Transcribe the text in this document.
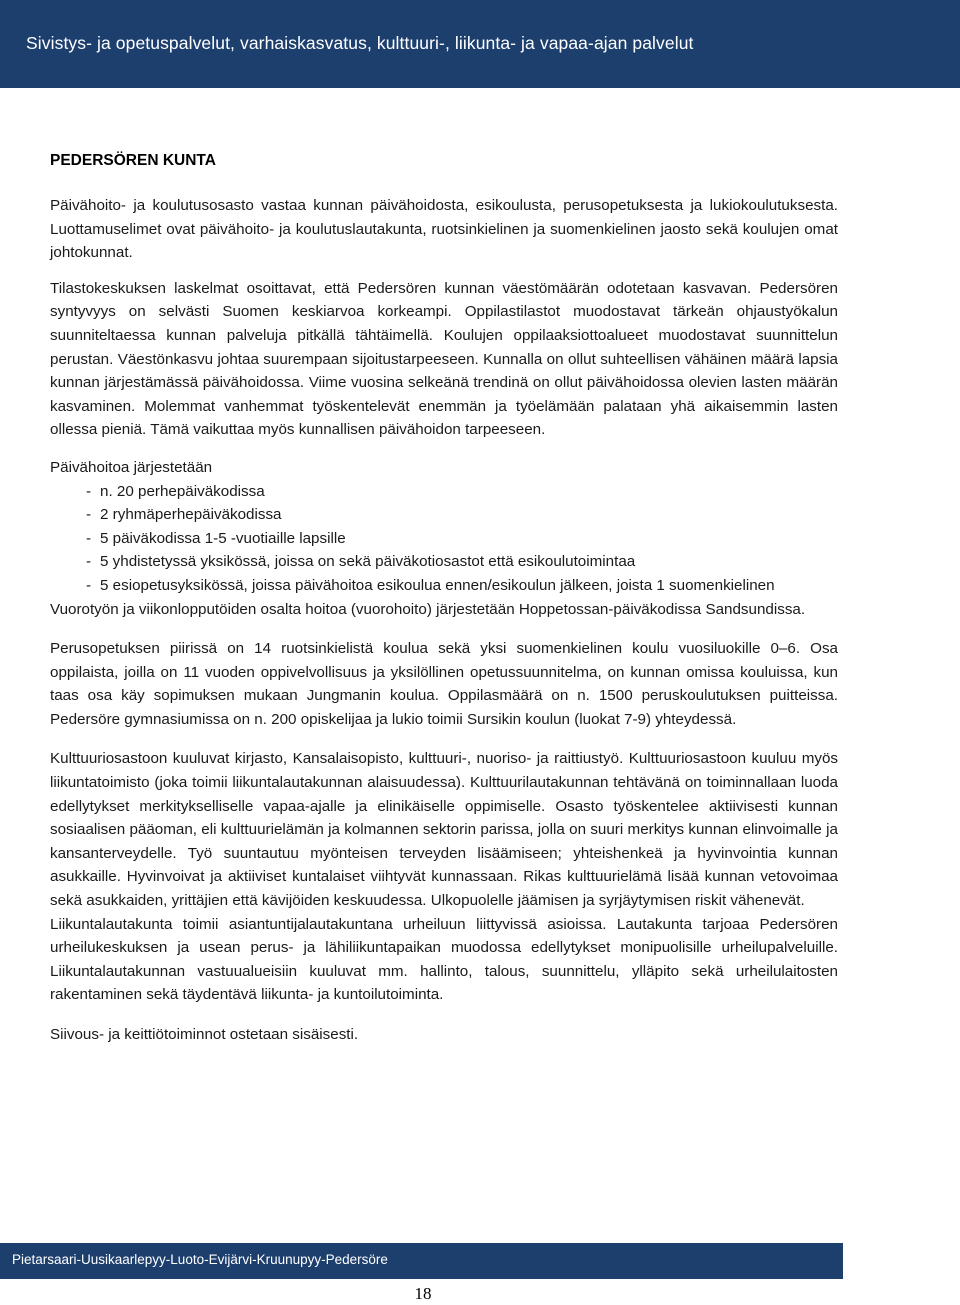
Sivistys- ja opetuspalvelut, varhaiskasvatus, kulttuuri-, liikunta- ja vapaa-ajan palvelut
PEDERSÖREN KUNTA

Päivähoito- ja koulutusosasto vastaa kunnan päivähoidosta, esikoulusta, perusopetuksesta ja lukiokoulutuksesta. Luottamuselimet ovat päivähoito- ja koulutuslautakunta, ruotsinkielinen ja suomenkielinen jaosto sekä koulujen omat johtokunnat.

Tilastokeskuksen laskelmat osoittavat, että Pedersören kunnan väestömäärän odotetaan kasvavan. Pedersören syntyvyys on selvästi Suomen keskiarvoa korkeampi. Oppilastilastot muodostavat tärkeän ohjaustyökalun suunniteltaessa kunnan palveluja pitkällä tähtäimellä. Koulujen oppilaaksiottoalueet muodostavat suunnittelun perustan. Väestönkasvu johtaa suurempaan sijoitustarpeeseen. Kunnalla on ollut suhteellisen vähäinen määrä lapsia kunnan järjestämässä päivähoidossa. Viime vuosina selkeänä trendinä on ollut päivähoidossa olevien lasten määrän kasvaminen. Molemmat vanhemmat työskentelevät enemmän ja työelämään palataan yhä aikaisemmin lasten ollessa pieniä. Tämä vaikuttaa myös kunnallisen päivähoidon tarpeeseen.

Päivähoitoa järjestetään

- n. 20 perhepäiväkodissa
- 2 ryhmäperhepäiväkodissa
- 5 päiväkodissa 1-5 -vuotiaille lapsille
- 5 yhdistetyssä yksikössä, joissa on sekä päiväkotiosastot että esikoulutoimintaa
- 5 esiopetusyksikössä, joissa päivähoitoa esikoulua ennen/esikoulun jälkeen, joista 1 suomenkielinen

Vuorotyön ja viikonlopputöiden osalta hoitoa (vuorohoito) järjestetään Hoppetossan-päiväkodissa Sandsundissa.

Perusopetuksen piirissä on 14 ruotsinkielistä koulua sekä yksi suomenkielinen koulu vuosiluokille 0–6. Osa oppilaista, joilla on 11 vuoden oppivelvollisuus ja yksilöllinen opetussuunnitelma, on kunnan omissa kouluissa, kun taas osa käy sopimuksen mukaan Jungmanin koulua. Oppilasmäärä on n. 1500 peruskoulutuksen puitteissa. Pedersöre gymnasiumissa on n. 200 opiskelijaa ja lukio toimii Sursikin koulun (luokat 7-9) yhteydessä.

Kulttuuriosastoon kuuluvat kirjasto, Kansalaisopisto, kulttuuri-, nuoriso- ja raittiustyö. Kulttuuriosastoon kuuluu myös liikuntatoimisto (joka toimii liikuntalautakunnan alaisuudessa). Kulttuurilautakunnan tehtävänä on toiminnallaan luoda edellytykset merkitykselliselle vapaa-ajalle ja elinikäiselle oppimiselle. Osasto työskentelee aktiivisesti kunnan sosiaalisen pääoman, eli kulttuurielämän ja kolmannen sektorin parissa, jolla on suuri merkitys kunnan elinvoimalle ja kansanterveydelle. Työ suuntautuu myönteisen terveyden lisäämiseen; yhteishenkeä ja hyvinvointia kunnan asukkaille. Hyvinvoivat ja aktiiviset kuntalaiset viihtyvät kunnassaan. Rikas kulttuurielämä lisää kunnan vetovoimaa sekä asukkaiden, yrittäjien että kävijöiden keskuudessa. Ulkopuolelle jäämisen ja syrjäytymisen riskit vähenevät.

Liikuntalautakunta toimii asiantuntijalautakuntana urheiluun liittyvissä asioissa. Lautakunta tarjoaa Pedersören urheilukeskuksen ja usean perus- ja lähiliikuntapaikan muodossa edellytykset monipuolisille urheilupalveluille. Liikuntalautakunnan vastuualueisiin kuuluvat mm. hallinto, talous, suunnittelu, ylläpito sekä urheilulaitosten rakentaminen sekä täydentävä liikunta- ja kuntoilutoiminta.

Siivous- ja keittiötoiminnot ostetaan sisäisesti.

Pietarsaari-Uusikaarlepyy-Luoto-Evijärvi-Kruunupyy-Pedersöre
18
